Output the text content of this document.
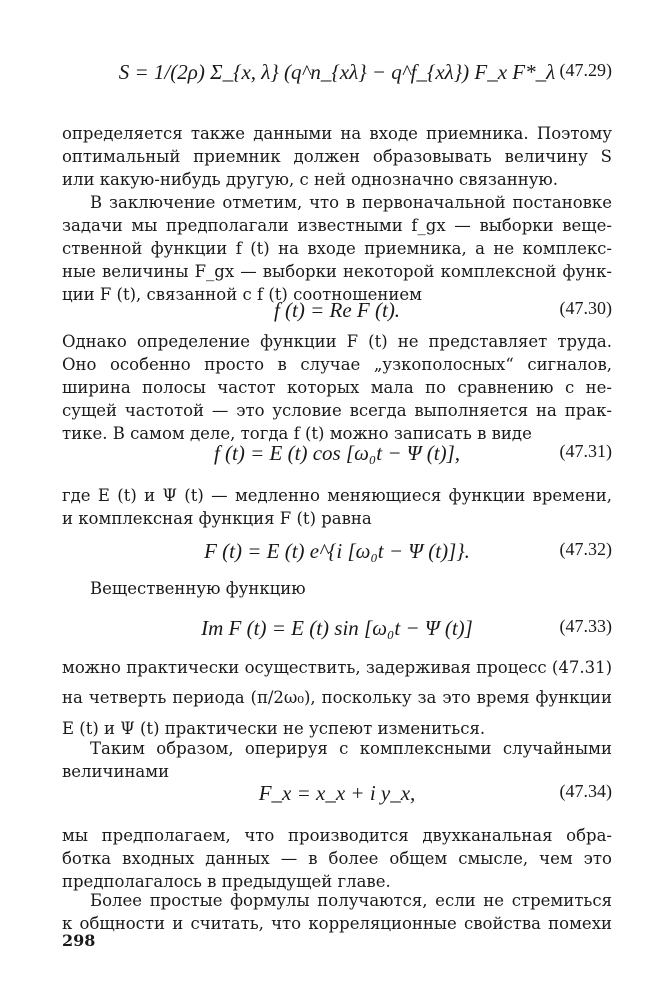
S = 1/(2ρ) Σ_{x, λ} (q^n_{xλ} − q^f_{xλ}) F_x F*_λ (47.29)
определяется также данными на входе приемника. Поэтому
оптимальный приемник должен образовывать величину S
или какую-нибудь другую, с ней однозначно связанную.
В заключение отметим, что в первоначальной постановке
задачи мы предполагали известными f_gx — выборки веще-
ственной функции f (t) на входе приемника, а не комплекс-
ные величины F_gx — выборки некоторой комплексной функ-
ции F (t), связанной с f (t) соотношением
f (t) = Re F (t).	(47.30)
Однако определение функции F (t) не представляет труда.
Оно особенно просто в случае „узкополосных“ сигналов,
ширина полосы частот которых мала по сравнению с не-
сущей частотой — это условие всегда выполняется на прак-
тике. В самом деле, тогда f (t) можно записать в виде
f (t) = E (t) cos [ω₀t − Ψ (t)],	(47.31)
где E (t) и Ψ (t) — медленно меняющиеся функции времени,
и комплексная функция F (t) равна
F (t) = E (t) e^{i [ω₀t − Ψ (t)]}.	(47.32)
Вещественную функцию
Im F (t) = E (t) sin [ω₀t − Ψ (t)]	(47.33)
можно практически осуществить, задерживая процесс (47.31)
на четверть периода (π/2ω₀), поскольку за это время функции
E (t) и Ψ (t) практически не успеют измениться.
Таким образом, оперируя с комплексными случайными
величинами
F_x = x_x + i y_x,	(47.34)
мы предполагаем, что производится двухканальная обра-
ботка входных данных — в более общем смысле, чем это
предполагалось в предыдущей главе.
Более простые формулы получаются, если не стремиться
к общности и считать, что корреляционные свойства помехи
298
